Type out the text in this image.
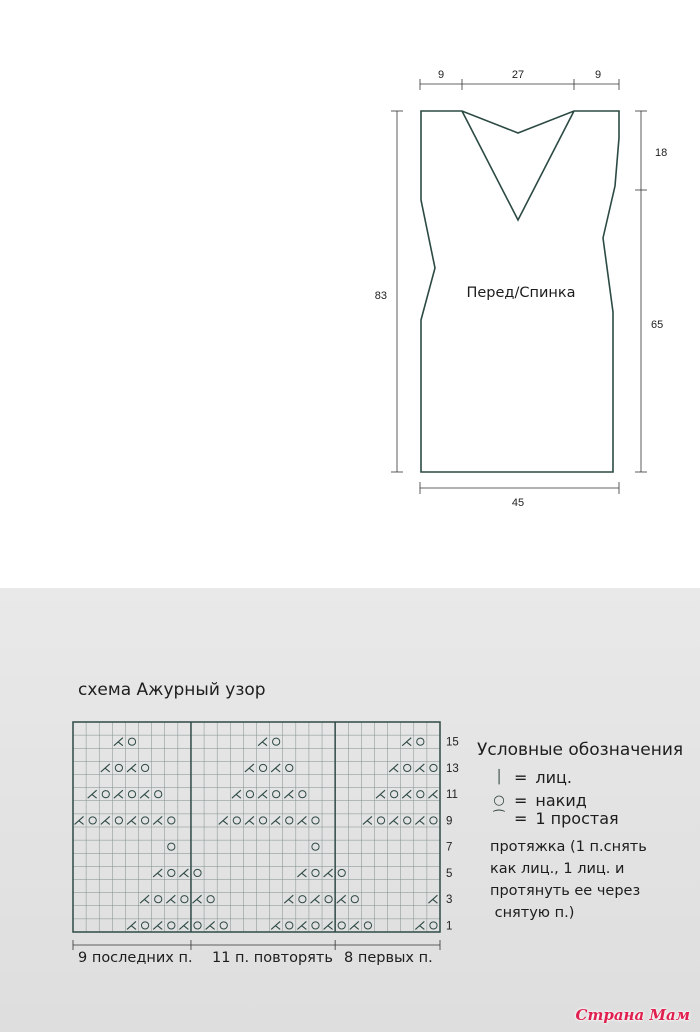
9	27	9
18
83
65
45
Перед/Спинка
схема Ажурный узор
15
13
11
9
7
5
3
1
Условные обозначения
│ = лиц.
○ = накид
⁀ = 1 простая
протяжка (1 п.снять
как лиц., 1 лиц. и
протянуть ее через
снятую п.)
9 последних п. 11 п. повторять 8 первых п.
Страна Мам
